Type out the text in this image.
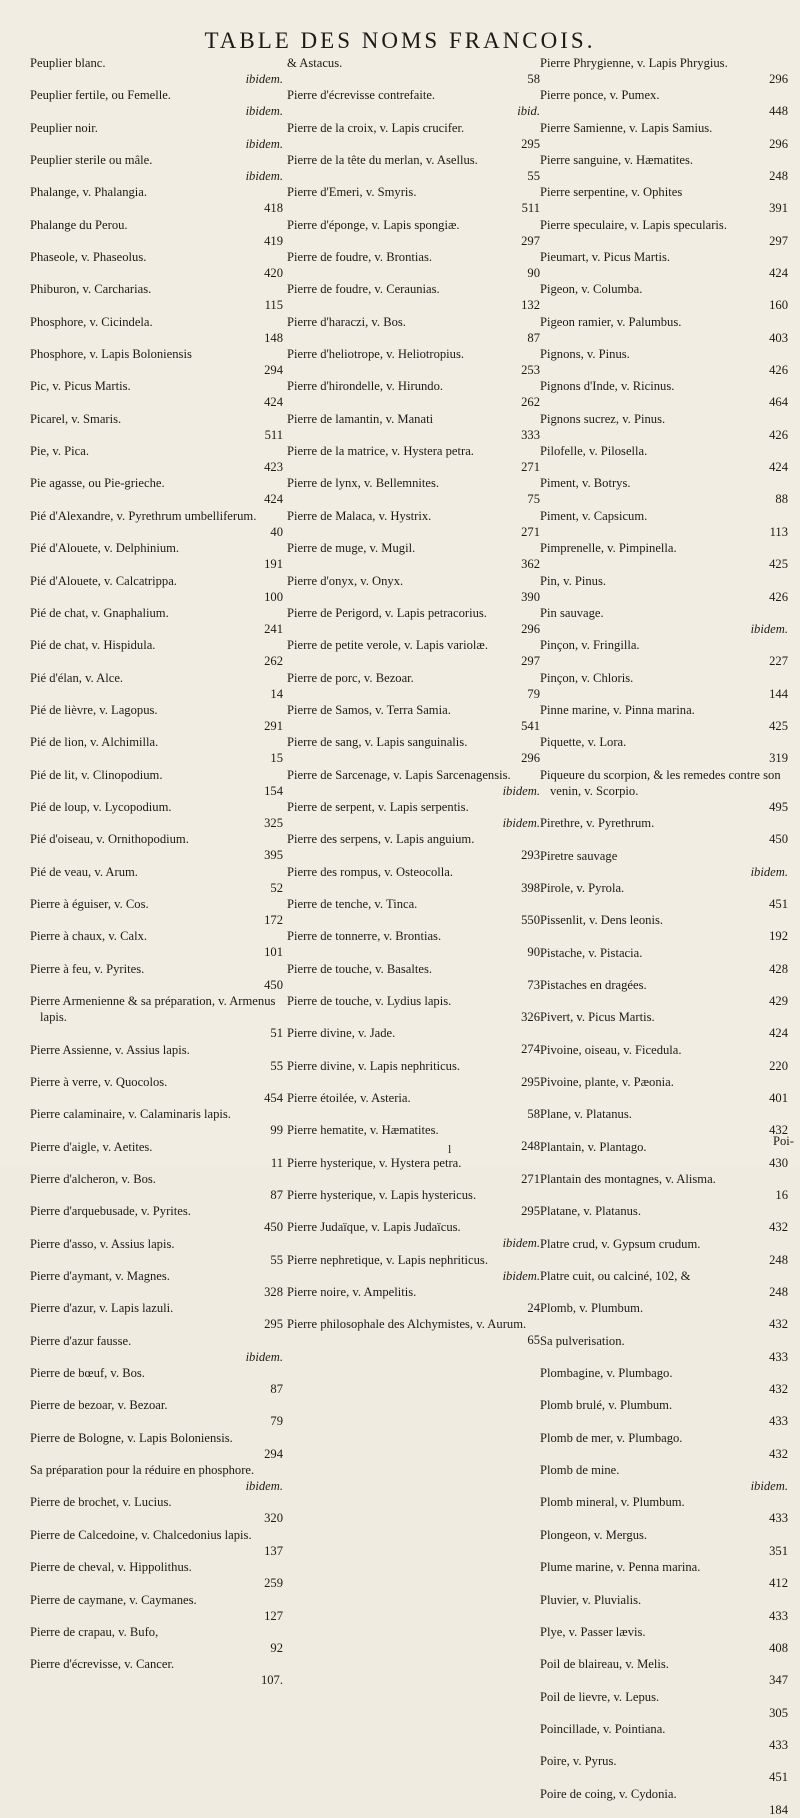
TABLE DES NOMS FRANCOIS.
Peuplier blanc.
ibidem.
Peuplier fertile, ou Femelle.
ibidem.
Peuplier noir.
ibidem.
Peuplier sterile ou mâle.
ibidem.
Phalange, v. Phalangia.
418
Phalange du Perou.
419
Phaseole, v. Phaseolus.
420
Phiburon, v. Carcharias.
115
Phosphore, v. Cicindela.
148
Phosphore, v. Lapis Boloniensis
294
Pic, v. Picus Martis.
424
Picarel, v. Smaris.
511
Pie, v. Pica.
423
Pie agasse, ou Pie-grieche.
424
Pié d'Alexandre, v. Pyrethrum umbelliferum.
40
Pié d'Alouete, v. Delphinium.
191
Pié d'Alouete, v. Calcatrippa.
100
Pié de chat, v. Gnaphalium.
241
Pié de chat, v. Hispidula.
262
Pié d'élan, v. Alce.
14
Pié de lièvre, v. Lagopus.
291
Pié de lion, v. Alchimilla.
15
Pié de lit, v. Clinopodium.
154
Pié de loup, v. Lycopodium.
325
Pié d'oiseau, v. Ornithopodium.
395
Pié de veau, v. Arum.
52
Pierre à éguiser, v. Cos.
172
Pierre à chaux, v. Calx.
101
Pierre à feu, v. Pyrites.
450
Pierre Armenienne & sa préparation, v. Armenus lapis.
51
Pierre Assienne, v. Assius lapis.
55
Pierre à verre, v. Quocolos.
454
Pierre calaminaire, v. Calaminaris lapis.
99
Pierre d'aigle, v. Aetites.
11
Pierre d'alcheron, v. Bos.
87
Pierre d'arquebusade, v. Pyrites.
450
Pierre d'asso, v. Assius lapis.
55
Pierre d'aymant, v. Magnes.
328
Pierre d'azur, v. Lapis lazuli.
295
Pierre d'azur fausse.
ibidem.
Pierre de bœuf, v. Bos.
87
Pierre de bezoar, v. Bezoar.
79
Pierre de Bologne, v. Lapis Boloniensis.
294
Sa préparation pour la réduire en phosphore.
ibidem.
Pierre de brochet, v. Lucius.
320
Pierre de Calcedoine, v. Chalcedonius lapis.
137
Pierre de cheval, v. Hippolithus.
259
Pierre de caymane, v. Caymanes.
127
Pierre de crapau, v. Bufo,
92
Pierre d'écrevisse, v. Cancer.
107.
& Astacus.
58
Pierre d'écrevisse contrefaite.
ibid.
Pierre de la croix, v. Lapis crucifer.
295
Pierre de la tête du merlan, v. Asellus.
55
Pierre d'Emeri, v. Smyris.
511
Pierre d'éponge, v. Lapis spongiæ.
297
Pierre de foudre, v. Brontias.
90
Pierre de foudre, v. Ceraunias.
132
Pierre d'haraczi, v. Bos.
87
Pierre d'heliotrope, v. Heliotropius.
253
Pierre d'hirondelle, v. Hirundo.
262
Pierre de lamantin, v. Manati
333
Pierre de la matrice, v. Hystera petra.
271
Pierre de lynx, v. Bellemnites.
75
Pierre de Malaca, v. Hystrix.
271
Pierre de muge, v. Mugil.
362
Pierre d'onyx, v. Onyx.
390
Pierre de Perigord, v. Lapis petracorius.
296
Pierre de petite verole, v. Lapis variolæ.
297
Pierre de porc, v. Bezoar.
79
Pierre de Samos, v. Terra Samia.
541
Pierre de sang, v. Lapis sanguinalis.
296
Pierre de Sarcenage, v. Lapis Sarcenagensis.
ibidem.
Pierre de serpent, v. Lapis serpentis.
ibidem.
Pierre des serpens, v. Lapis anguium.
293
Pierre des rompus, v. Osteocolla.
398
Pierre de tenche, v. Tinca.
550
Pierre de tonnerre, v. Brontias.
90
Pierre de touche, v. Basaltes.
73
Pierre de touche, v. Lydius lapis.
326
Pierre divine, v. Jade.
274
Pierre divine, v. Lapis nephriticus.
295
Pierre étoilée, v. Asteria.
58
Pierre hematite, v. Hæmatites.
248
Pierre hysterique, v. Hystera petra.
271
Pierre hysterique, v. Lapis hystericus.
295
Pierre Judaïque, v. Lapis Judaïcus.
ibidem.
Pierre nephretique, v. Lapis nephriticus.
ibidem.
Pierre noire, v. Ampelitis.
24
Pierre philosophale des Alchymistes, v. Aurum.
65
Pierre Phrygienne, v. Lapis Phrygius.
296
Pierre ponce, v. Pumex.
448
Pierre Samienne, v. Lapis Samius.
296
Pierre sanguine, v. Hæmatites.
248
Pierre serpentine, v. Ophites
391
Pierre speculaire, v. Lapis specularis.
297
Pieumart, v. Picus Martis.
424
Pigeon, v. Columba.
160
Pigeon ramier, v. Palumbus.
403
Pignons, v. Pinus.
426
Pignons d'Inde, v. Ricinus.
464
Pignons sucrez, v. Pinus.
426
Pilofelle, v. Pilosella.
424
Piment, v. Botrys.
88
Piment, v. Capsicum.
113
Pimprenelle, v. Pimpinella.
425
Pin, v. Pinus.
426
Pin sauvage.
ibidem.
Pinçon, v. Fringilla.
227
Pinçon, v. Chloris.
144
Pinne marine, v. Pinna marina.
425
Piquette, v. Lora.
319
Piqueure du scorpion, & les remedes contre son venin, v. Scorpio.
495
Pirethre, v. Pyrethrum.
450
Piretre sauvage
ibidem.
Pirole, v. Pyrola.
451
Pissenlit, v. Dens leonis.
192
Pistache, v. Pistacia.
428
Pistaches en dragées.
429
Pivert, v. Picus Martis.
424
Pivoine, oiseau, v. Ficedula.
220
Pivoine, plante, v. Pæonia.
401
Plane, v. Platanus.
432
Plantain, v. Plantago.
430
Plantain des montagnes, v. Alisma.
16
Platane, v. Platanus.
432
Platre crud, v. Gypsum crudum.
248
Platre cuit, ou calciné, 102, &
248
Plomb, v. Plumbum.
432
Sa pulverisation.
433
Plombagine, v. Plumbago.
432
Plomb brulé, v. Plumbum.
433
Plomb de mer, v. Plumbago.
432
Plomb de mine.
ibidem.
Plomb mineral, v. Plumbum.
433
Plongeon, v. Mergus.
351
Plume marine, v. Penna marina.
412
Pluvier, v. Pluvialis.
433
Plye, v. Passer lævis.
408
Poil de blaireau, v. Melis.
347
Poil de lievre, v. Lepus.
305
Poincillade, v. Pointiana.
433
Poire, v. Pyrus.
451
Poire de coing, v. Cydonia.
184
Poi-
l
